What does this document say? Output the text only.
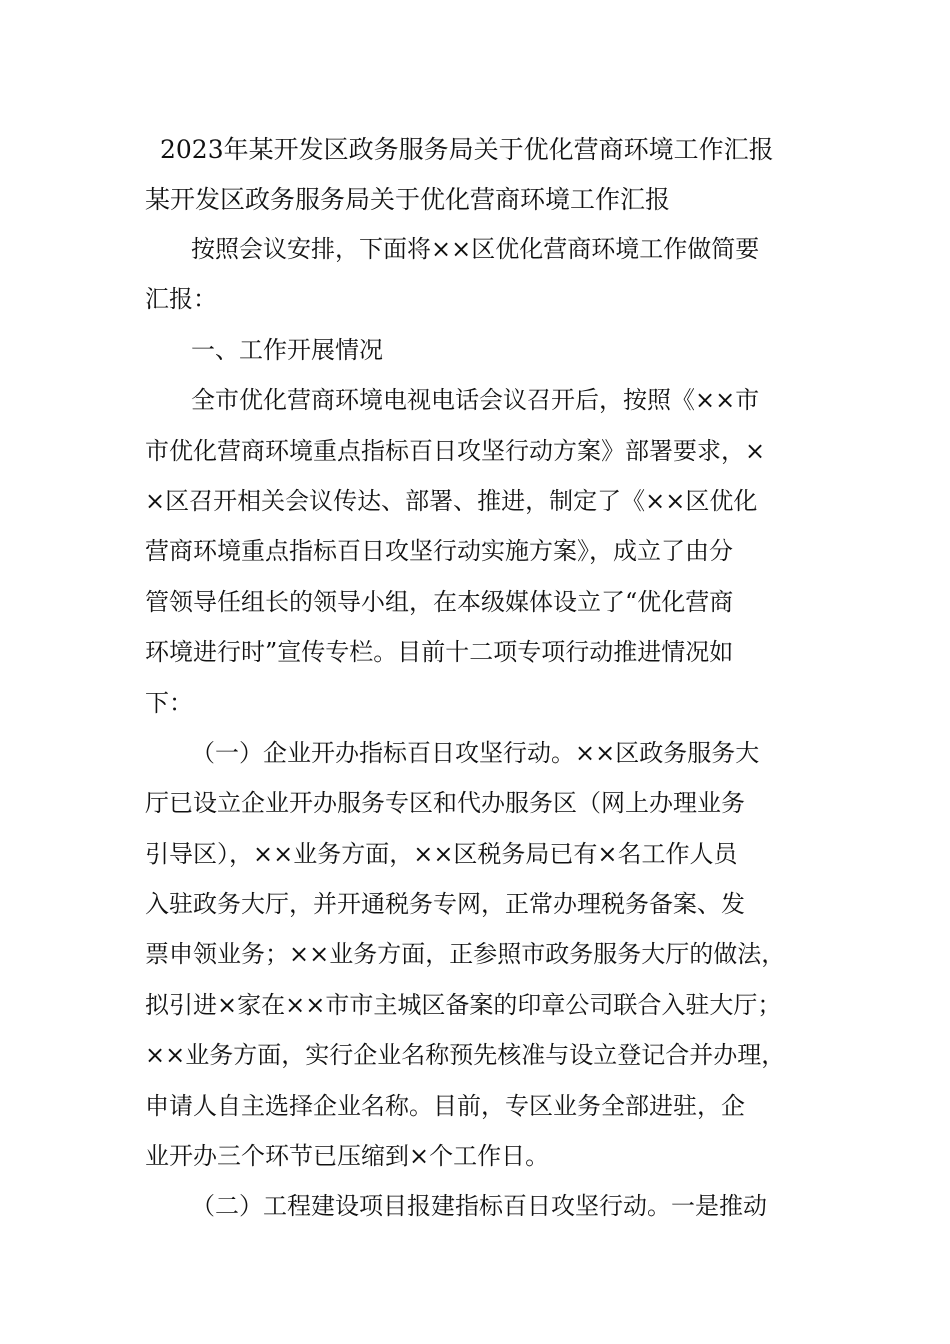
2023年某开发区政务服务局关于优化营商环境工作汇报
某开发区政务服务局关于优化营商环境工作汇报
按照会议安排，下面将××区优化营商环境工作做简要
汇报：
一、工作开展情况
全市优化营商环境电视电话会议召开后，按照《××市
市优化营商环境重点指标百日攻坚行动方案》部署要求，×
×区召开相关会议传达、部署、推进，制定了《××区优化
营商环境重点指标百日攻坚行动实施方案》，成立了由分
管领导任组长的领导小组，在本级媒体设立了“优化营商
环境进行时”宣传专栏。目前十二项专项行动推进情况如
下：
（一）企业开办指标百日攻坚行动。××区政务服务大
厅已设立企业开办服务专区和代办服务区（网上办理业务
引导区），××业务方面，××区税务局已有×名工作人员
入驻政务大厅，并开通税务专网，正常办理税务备案、发
票申领业务；××业务方面，正参照市政务服务大厅的做法，
拟引进×家在××市市主城区备案的印章公司联合入驻大厅；
××业务方面，实行企业名称预先核准与设立登记合并办理，
申请人自主选择企业名称。目前，专区业务全部进驻，企
业开办三个环节已压缩到×个工作日。
（二）工程建设项目报建指标百日攻坚行动。一是推动
